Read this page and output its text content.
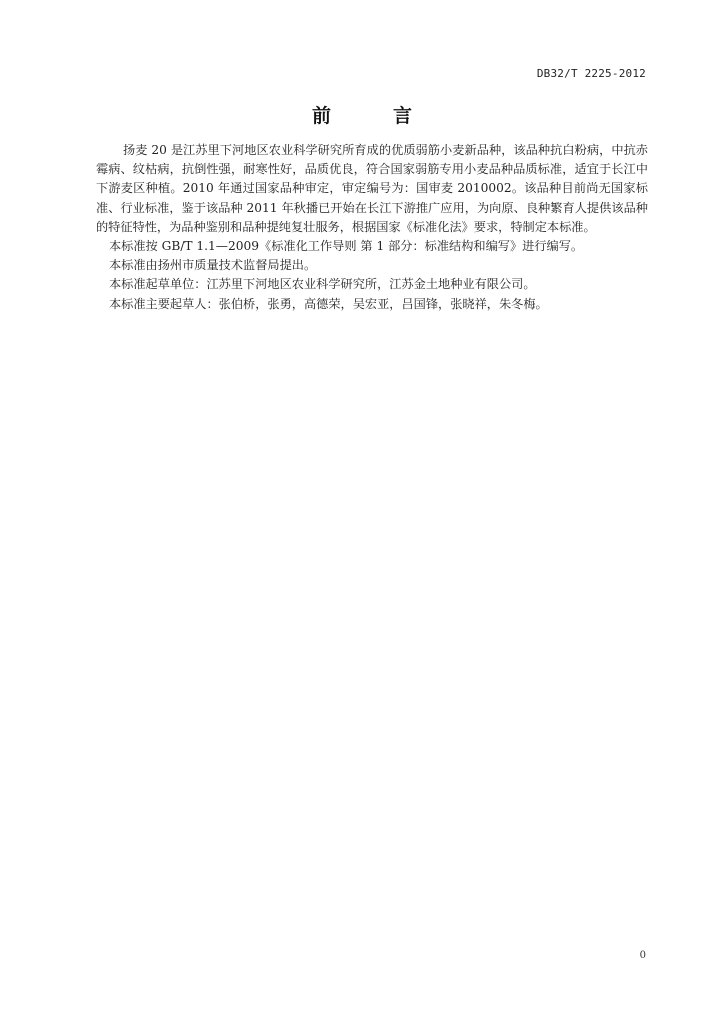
DB32/T 2225-2012
前言

扬麦 20 是江苏里下河地区农业科学研究所育成的优质弱筋小麦新品种，该品种抗白粉病，中抗赤霉病、纹枯病，抗倒性强，耐寒性好，品质优良，符合国家弱筋专用小麦品种品质标准，适宜于长江中下游麦区种植。2010 年通过国家品种审定，审定编号为：国审麦 2010002。该品种目前尚无国家标准、行业标准，鉴于该品种 2011 年秋播已开始在长江下游推广应用，为向原、良种繁育人提供该品种的特征特性，为品种鉴别和品种提纯复壮服务，根据国家《标准化法》要求，特制定本标准。

本标准按 GB/T 1.1—2009《标准化工作导则 第 1 部分：标准结构和编写》进行编写。

本标准由扬州市质量技术监督局提出。

本标准起草单位：江苏里下河地区农业科学研究所，江苏金土地种业有限公司。

本标准主要起草人：张伯桥，张勇，高德荣，吴宏亚，吕国锋，张晓祥，朱冬梅。

0
